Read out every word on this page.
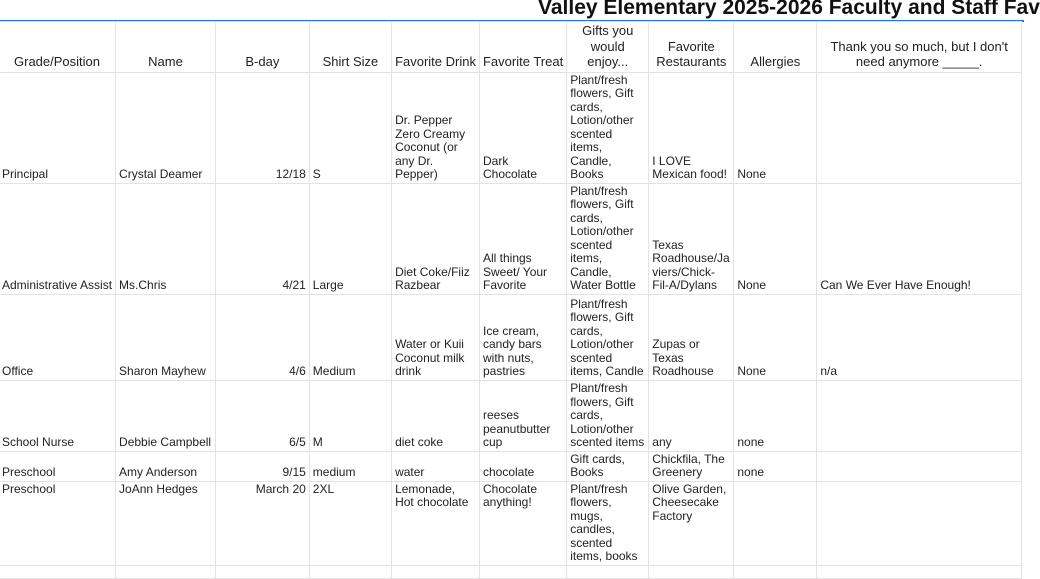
Valley Elementary 2025-2026 Faculty and Staff Fav
Grade/Position	Name	B-day	Shirt Size	Favorite Drink	Favorite Treat	Gifts you would enjoy...	Favorite Restaurants	Allergies	Thank you so much, but I don't need anymore _____.
Principal	Crystal Deamer	12/18	S	Dr. Pepper Zero Creamy Coconut (or any Dr. Pepper)	Dark Chocolate	Plant/fresh flowers, Gift cards, Lotion/other scented items, Candle, Books	I LOVE Mexican food!	None	
Administrative Assist	Ms.Chris	4/21	Large	Diet Coke/Fiiz Razbear	All things Sweet/ Your Favorite	Plant/fresh flowers, Gift cards, Lotion/other scented items, Candle, Water Bottle	Texas Roadhouse/Javiers/Chick-Fil-A/Dylans	None	Can We Ever Have Enough!
Office	Sharon Mayhew	4/6	Medium	Water or Kuii Coconut milk drink	Ice cream, candy bars with nuts, pastries	Plant/fresh flowers, Gift cards, Lotion/other scented items, Candle	Zupas or Texas Roadhouse	None	n/a
School Nurse	Debbie Campbell	6/5	M	diet coke	reeses peanutbutter cup	Plant/fresh flowers, Gift cards, Lotion/other scented items	any	none	
Preschool	Amy Anderson	9/15	medium	water	chocolate	Gift cards, Books	Chickfila, The Greenery	none	
Preschool	JoAnn Hedges	March 20	2XL	Lemonade, Hot chocolate	Chocolate anything!	Plant/fresh flowers, mugs, candles, scented items, books	Olive Garden, Cheesecake Factory		
